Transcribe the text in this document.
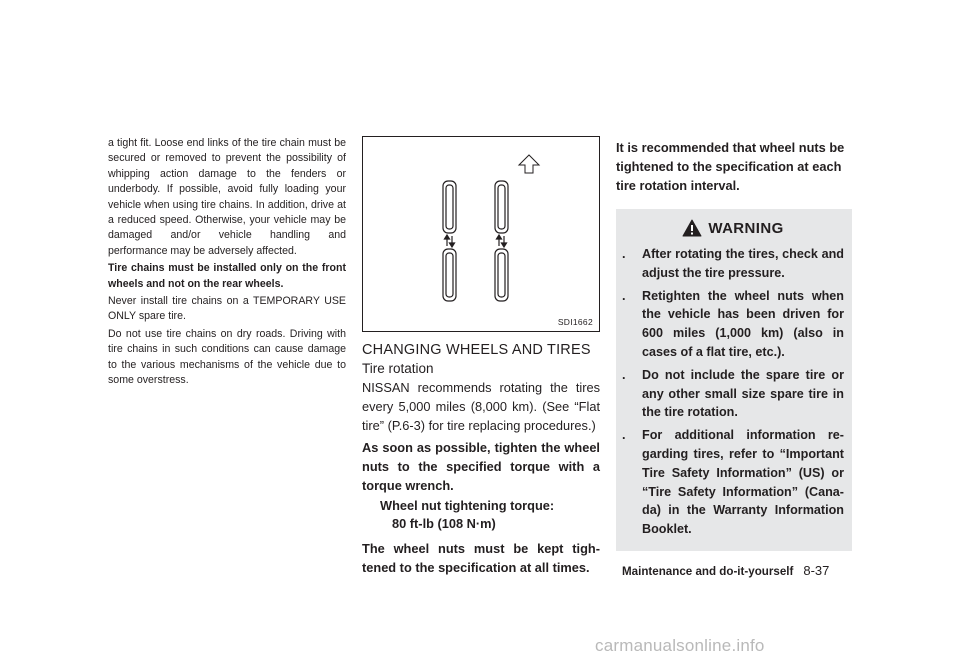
a tight fit. Loose end links of the tire chain must be secured or removed to prevent the possibility of whipping action damage to the fenders or underbody. If possible, avoid fully loading your vehicle when using tire chains. In addition, drive at a reduced speed. Otherwise, your vehicle may be damaged and/or vehicle handling and performance may be adversely affected.

Tire chains must be installed only on the front wheels and not on the rear wheels.

Never install tire chains on a TEMPORARY USE ONLY spare tire.

Do not use tire chains on dry roads. Driving with tire chains in such conditions can cause damage to the various mechanisms of the vehicle due to some overstress.

SDI1662
CHANGING WHEELS AND TIRES
Tire rotation

NISSAN recommends rotating the tires every 5,000 miles (8,000 km). (See “Flat tire” (P.6-3) for tire replacing procedures.)

As soon as possible, tighten the wheel nuts to the specified torque with a torque wrench.

Wheel nut tightening torque:
80 ft-lb (108 N·m)

The wheel nuts must be kept tigh-tened to the specification at all times.

It is recommended that wheel nuts be tightened to the specification at each tire rotation interval.

WARNING
.	After rotating the tires, check and adjust the tire pressure.
.	Retighten the wheel nuts when the vehicle has been driven for 600 miles (1,000 km) (also in cases of a flat tire, etc.).
.	Do not include the spare tire or any other small size spare tire in the tire rotation.
.	For additional information re-garding tires, refer to “Important Tire Safety Information” (US) or “Tire Safety Information” (Cana-da) in the Warranty Information Booklet.
Maintenance and do-it-yourself 8-37
carmanualsonline.info
